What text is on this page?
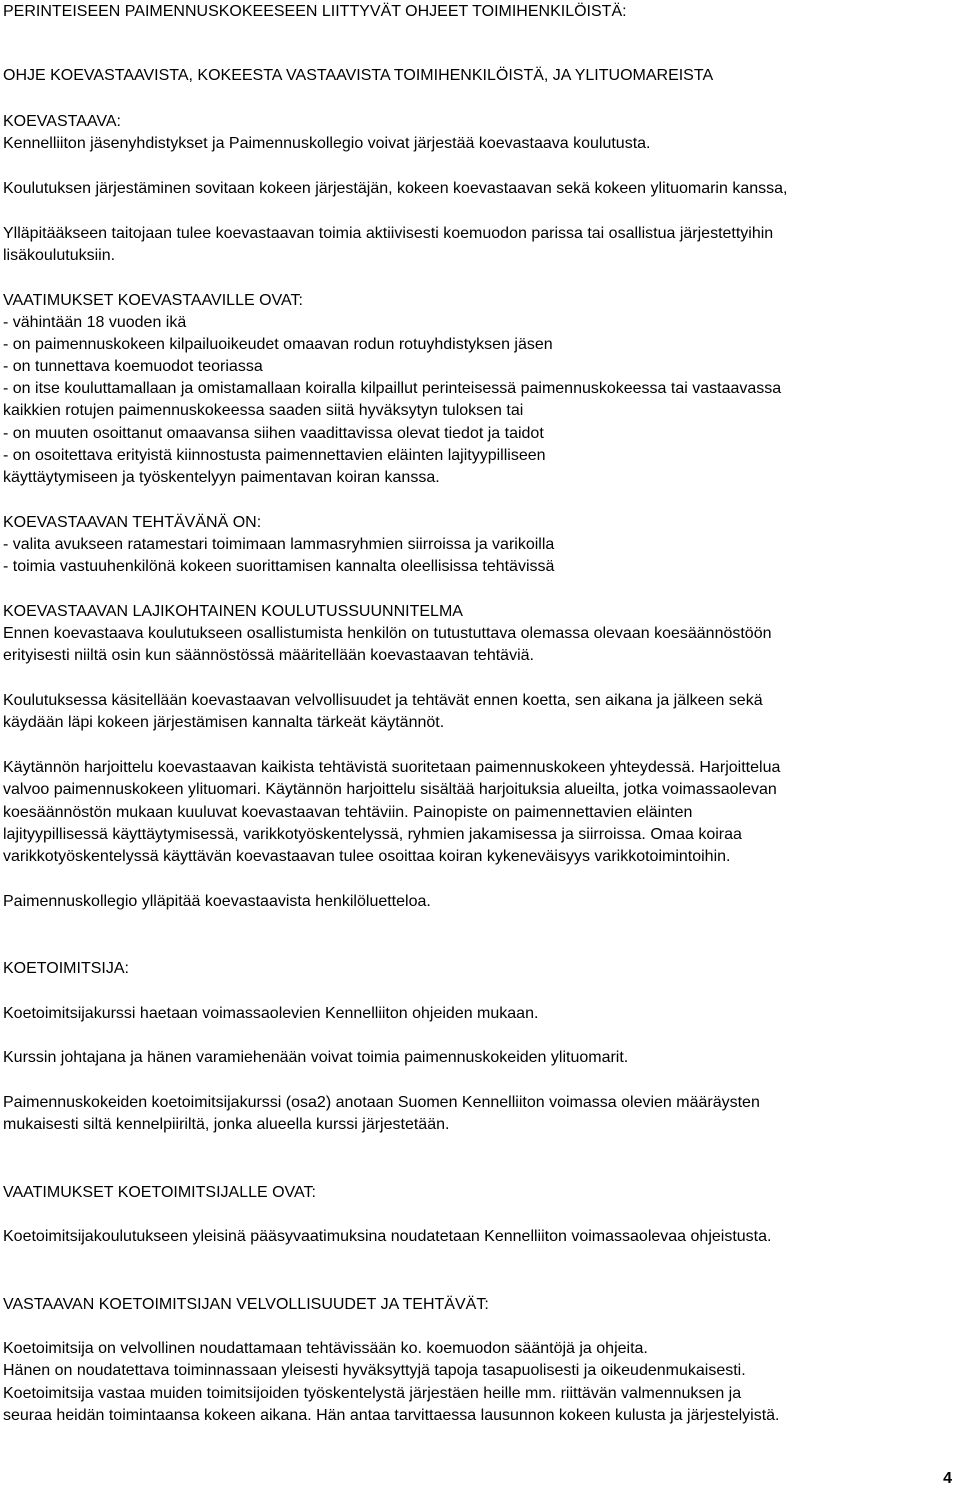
PERINTEISEEN PAIMENNUSKOKEESEEN LIITTYVÄT OHJEET TOIMIHENKILÖISTÄ:
OHJE KOEVASTAAVISTA, KOKEESTA VASTAAVISTA TOIMIHENKILÖISTÄ, JA YLITUOMAREISTA
KOEVASTAAVA:
Kennelliiton jäsenyhdistykset ja Paimennuskollegio voivat järjestää koevastaava koulutusta.
Koulutuksen järjestäminen sovitaan kokeen järjestäjän, kokeen koevastaavan sekä kokeen ylituomarin kanssa,
Ylläpitääkseen taitojaan tulee koevastaavan toimia aktiivisesti koemuodon parissa tai osallistua järjestettyihin
lisäkoulutuksiin.
VAATIMUKSET KOEVASTAAVILLE OVAT:
- vähintään 18 vuoden ikä
- on paimennuskokeen kilpailuoikeudet omaavan rodun rotuyhdistyksen jäsen
- on tunnettava koemuodot teoriassa
- on itse kouluttamallaan ja omistamallaan koiralla kilpaillut perinteisessä paimennuskokeessa tai vastaavassa
kaikkien rotujen paimennuskokeessa saaden siitä hyväksytyn tuloksen tai
- on muuten osoittanut omaavansa siihen vaadittavissa olevat tiedot ja taidot
- on osoitettava erityistä kiinnostusta paimennettavien eläinten lajityypilliseen
käyttäytymiseen ja työskentelyyn paimentavan koiran kanssa.
KOEVASTAAVAN TEHTÄVÄNÄ ON:
- valita avukseen ratamestari toimimaan lammasryhmien siirroissa ja varikoilla
- toimia vastuuhenkilönä kokeen suorittamisen kannalta oleellisissa tehtävissä
KOEVASTAAVAN LAJIKOHTAINEN KOULUTUSSUUNNITELMA
Ennen koevastaava koulutukseen osallistumista henkilön on tutustuttava olemassa olevaan koesäännöstöön
erityisesti niiltä osin kun säännöstössä määritellään koevastaavan tehtäviä.
Koulutuksessa käsitellään koevastaavan velvollisuudet ja tehtävät ennen koetta, sen aikana ja jälkeen sekä
käydään läpi kokeen järjestämisen kannalta tärkeät käytännöt.
Käytännön harjoittelu koevastaavan kaikista tehtävistä suoritetaan paimennuskokeen yhteydessä. Harjoittelua
valvoo paimennuskokeen ylituomari. Käytännön harjoittelu sisältää harjoituksia alueilta, jotka voimassaolevan
koesäännöstön mukaan kuuluvat koevastaavan tehtäviin. Painopiste on paimennettavien eläinten
lajityypillisessä käyttäytymisessä, varikkotyöskentelyssä, ryhmien jakamisessa ja siirroissa. Omaa koiraa
varikkotyöskentelyssä käyttävän koevastaavan tulee osoittaa koiran kykeneväisyys varikkotoimintoihin.
Paimennuskollegio ylläpitää koevastaavista henkilöluetteloa.
KOETOIMITSIJA:
Koetoimitsijakurssi haetaan voimassaolevien Kennelliiton ohjeiden mukaan.
Kurssin johtajana ja hänen varamiehenään voivat toimia paimennuskokeiden ylituomarit.
Paimennuskokeiden koetoimitsijakurssi (osa2) anotaan Suomen Kennelliiton voimassa olevien määräysten
mukaisesti siltä kennelpiiriltä, jonka alueella kurssi järjestetään.
VAATIMUKSET KOETOIMITSIJALLE OVAT:
Koetoimitsijakoulutukseen yleisinä pääsyvaatimuksina noudatetaan Kennelliiton voimassaolevaa ohjeistusta.
VASTAAVAN KOETOIMITSIJAN VELVOLLISUUDET JA TEHTÄVÄT:
Koetoimitsija on velvollinen noudattamaan tehtävissään ko. koemuodon sääntöjä ja ohjeita.
Hänen on noudatettava toiminnassaan yleisesti hyväksyttyjä tapoja tasapuolisesti ja oikeudenmukaisesti.
Koetoimitsija vastaa muiden toimitsijoiden työskentelystä järjestäen heille mm. riittävän valmennuksen ja
seuraa heidän toimintaansa kokeen aikana. Hän antaa tarvittaessa lausunnon kokeen kulusta ja järjestelyistä.
4
